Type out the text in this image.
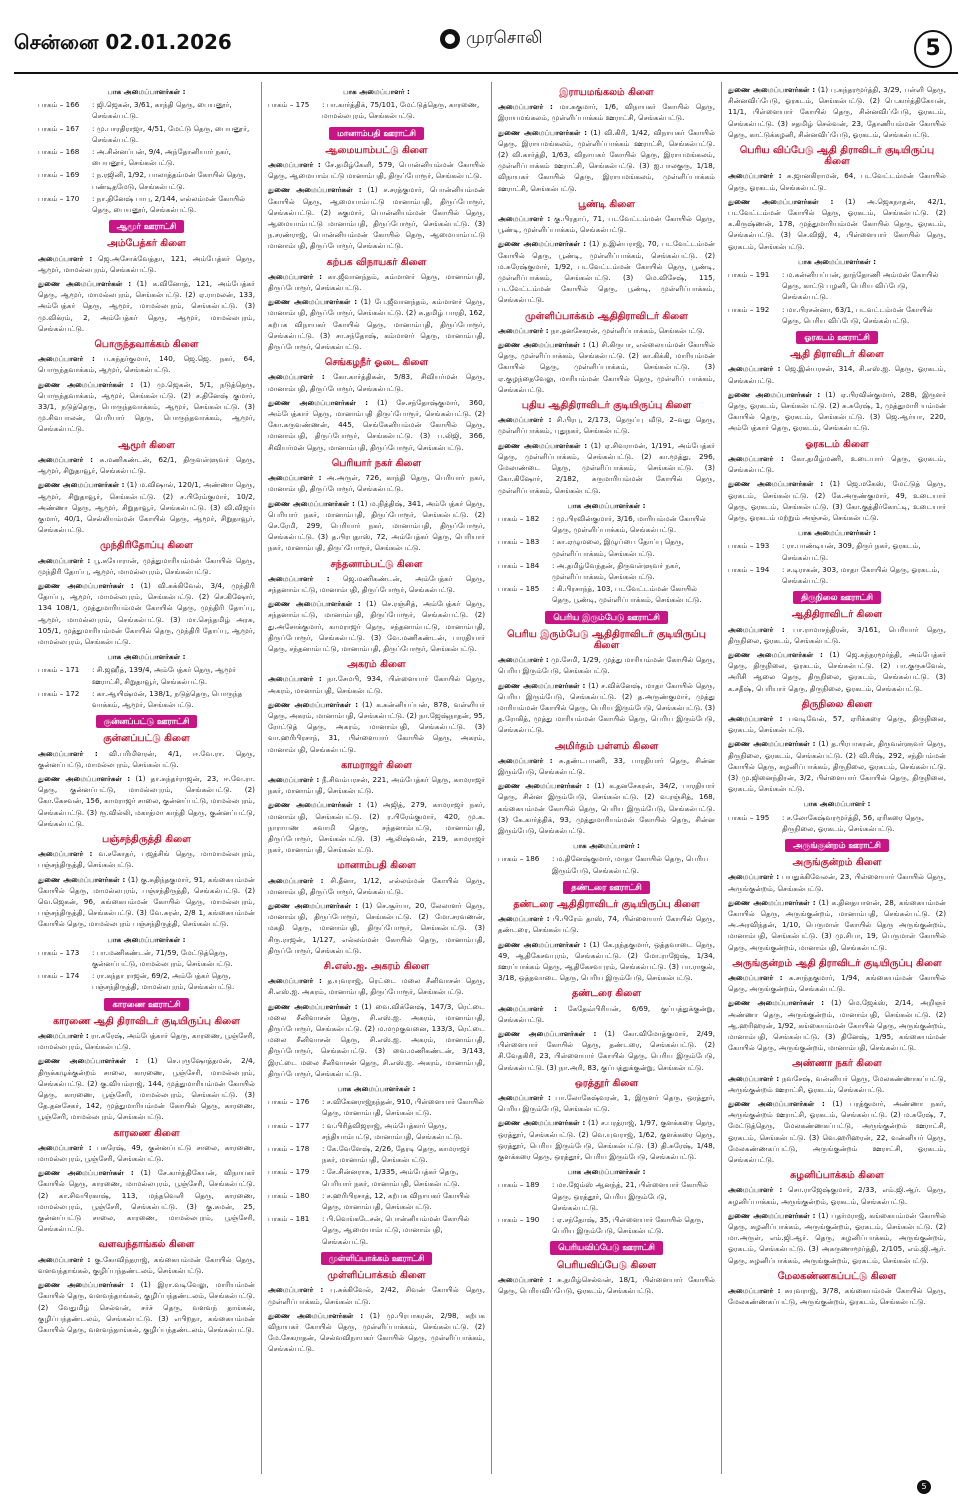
சென்னை 02.01.2026	முரசொலி	5
பாக அமைப்பாளர்கள் :
பாகம் – 166	: ஜி.ஜெகன், 3/61, காந்தி தெரு, பையனூர், செங்கல்பட்டு.
பாகம் – 167	: மு.பாரதிராஜா, 4/51, மேட்டு தெரு, பையனூர், செங்கல்பட்டு.
பாகம் – 168	: அ.சின்னப்பன், 9/4, அந்தோனியார் நகர், பையனூர், செங்கல்பட்டு.
பாகம் – 169	: ந.ரஜினி, 1/92, பாலாத்தம்மன் கோயில் தெரு, பண்டிதமேடு, செங்கல்பட்டு.
பாகம் – 170	: நா.தினேஷ் பாபு, 2/144, எல்லம்மன் கோயில் தெரு, பையனூர், செங்கல்பட்டு.
ஆமூர் ஊராட்சி
அம்பேத்கர் கிளை
அமைப்பாளர் : ஜெ.அசோக்வேத்தா, 121, அம்பேத்கர் தெரு, ஆமூர், மாமல்லபுரம், செங்கல்பட்டு.
துணை அமைப்பாளர்கள் : (1) க.வினோத், 121, அம்பேத்கர் தெரு, ஆமூர், மாமல்லபுரம், செங்கல்பட்டு. (2) ஏ.ராமலன், 133, அம்பேத்கர் தெரு, ஆமூர், மாமல்லபுரம், செங்கல்பட்டு. (3) மு.விக்ரம், 2, அம்பேத்கர் தெரு, ஆமூர், மாமல்லபுரம், செங்கல்பட்டு.
பொருந்தவாக்கம் கிளை
அமைப்பாளர் : ப.சுந்தர்குமார், 140, ஜெ.ஜெ. நகர், 64, பொருந்தவாக்கம், ஆமூர், செங்கல்பட்டு.
துணை அமைப்பாளர்கள் : (1) மு.ஜெகன், 5/1, நடுத்தெரு, பொருந்தவாக்கம், ஆமூர், செங்கல்பட்டு. (2) ச.தினேஷ் குமார், 33/1, நடுத்தெரு, பொருந்தவாக்கம், ஆமூர், செங்கல்பட்டு. (3) மு.சிவபாலன், பெரியார் தெரு, பொருந்தவாக்கம், ஆமூர், செங்கல்பட்டு.
ஆமூர் கிளை
அமைப்பாளர் : சு.மணிகண்டன், 62/1, திருவள்ளுவர் தெரு, ஆமூர், சிறுதாவூர், செங்கல்பட்டு.
துணை அமைப்பாளர்கள் : (1) ம.விஷால், 120/1, அண்ணா தெரு, ஆமூர், சிறுதாவூர், செங்கல்பட்டு. (2) ச.பிரேம்குமார், 10/2, அண்ணா தெரு, ஆமூர், சிறுதாவூர், செங்கல்பட்டு. (3) வி.விஜய் குமார், 40/1, செல்லியம்மன் கோயில் தெரு, ஆமூர், சிறுதாவூர், செங்கல்பட்டு.
முந்திரிதோப்பு கிளை
அமைப்பாளர் : பூ.சுயோரான், முத்துமாரியம்மன் கோயில் தெரு, முந்திரி தோப்பு, ஆமூர், மாமல்லபுரம், செங்கல்பட்டு.
துணை அமைப்பாளர்கள் : (1) வி.சுக்கிவேல், 3/4, முந்திரி தோப்பு, ஆமூர், மாமல்லபுரம், செங்கல்பட்டு. (2) செ.கிஷோர், 134 108/1, முத்துமாரியம்மன் கோயில் தெரு, முந்திரி தோப்பு, ஆமூர், மாமல்லபுரம், செங்கல்பட்டு. (3) மா.செந்தமிழ் அரசு, 105/1, முத்துமாரியம்மன் கோயில் தெரு, முந்திரி தோப்பு, ஆமூர், மாமல்லபுரம், செங்கல்பட்டு.
பாக அமைப்பாளர்கள் :
பாகம் – 171	: சி.ஜஹீத், 139/4, அம்பேத்கர் தெரு, ஆமூர் ஊராட்சி, சிறுதாவூர், செங்கல்பட்டு.
பாகம் – 172	: கா.ஆயிஷ்மன், 138/1, நடுத்தெரு, பொருந்த வாக்கம், ஆமூர், செங்கல்பட்டு.
குன்னப்பட்டு ஊராட்சி
குன்னப்பட்டு கிளை
அமைப்பாளர் : வி.பரிமிளரன், 4/1, ஈ.வே.ரா. தெரு, குன்னப்பட்டு, மாமல்லபுரம், செங்கல்பட்டு.
துணை அமைப்பாளர்கள் : (1) தா.சுந்தர்ராஜன், 23, ஈ.வே.ரா. தெரு, குன்னப்பட்டு, மாமல்லபுரம், செங்கல்பட்டு. (2) கோ.கேசவன், 156, காமராஜர் சாலை, குன்னப்பட்டு, மாமல்லபுரம், செங்கல்பட்டு. (3) ரூ.வில்லி, மகாத்மா காந்தி தெரு, குன்னப்பட்டு, செங்கல்பட்டு.
பஞ்சந்திருத்தி கிளை
அமைப்பாளர் : வ.சகோதர், பஜத்சிங் தெரு, மாமாமல்லபுரம், பஞ்சந்திருத்தி, செங்கல்பட்டு.
துணை அமைப்பாளர்கள் : (1) கு.சுதிந்தகுமார், 91, கங்கையம்மன் கோயில் தெரு, மாமல்லபுரம், பஞ்சந்திருத்தி, செங்கல்பட்டு. (2) வெ.ஜெகன், 96, கங்கையம்மன் கோயில் தெரு, மாமல்லபுரம், பஞ்சந்திருத்தி, செங்கல்பட்டு. (3) வே.சுரன், 2/8 1, கங்கையம்மன் கோயில் தெரு, மாமல்லபுரம் பஞ்சந்திருத்தி, செங்கல்பட்டு.
பாக அமைப்பாளர்கள் :
பாகம் – 173	: பா.மணிகண்டன், 71/59, மேட்டுத்தெரு, குன்னப்பட்டு, மாமல்லபுரம், செங்கல்பட்டு.
பாகம் – 174	: ரா.கந்தா ராஜன், 69/2, அம்பேத்கர் தெரு, பஞ்சந்திருத்தி, மாமல்லபுரம், செங்கல்பட்டு.
காரணை ஊராட்சி
காரணை ஆதி திராவிடர் குடியிருப்பு கிளை
அமைப்பாளர் : ரா.சுரேஷ், அம்பேத்கார் தெரு, காரணை, பூஞ்சேரி, மாமல்லபுரம், செங்கல்பட்டு.
துணை அமைப்பாளர்கள் : (1) செ.புருஷோத்தமன், 2/4, திருக்கழுக்குன்றம் சாலை, காரணை, பூஞ்சேரி, மாமல்லபுரம், செங்கல்பட்டு. (2) கு.வியம்ராஜ், 144, முத்துமாரியம்மன் கோயில் தெரு, காரணை, பூஞ்சேரி, மாமல்லபுரம், செங்கல்பட்டு. (3) தே.தனசேகர், 142, முத்துமாரியம்மன் கோயில் தெரு, காரணை, பூஞ்சேரி, மாமல்லபுரம், செங்கல்பட்டு.
காரணை கிளை
அமைப்பாளர் : பசுரேஷ், 49, குன்னப்பட்டு சாலை, காரணை, மாமல்லபுரம், பூஞ்சேரி, செங்கல்பட்டு.
துணை அமைப்பாளர்கள் : (1) சே.கார்த்திகேயன், விநாயகர் கோயில் தெரு, காரணை, மாமல்லபுரம், பூஞ்சேரி, செங்கல்பட்டு. (2) கா.சிவபிரகாஷ், 113, மந்தவெளி தெரு, காரணை, மாமல்லபுரம், பூஞ்சேரி, செங்கல்பட்டு. (3) கு.சுமன், 25, குன்னப்பட்டு சாலை, காரணை, மாமல்லபுரம், பூஞ்சேரி, செங்கல்பட்டு.
வளவந்தாங்கல் கிளை
அமைப்பாளர் : கு.கோவிந்தராஜ், கங்கையம்மன் கோயில் தெரு, வளவந்தாங்கல், குழிப்பந்தண்டலம், செங்கல்பட்டு.
துணை அமைப்பாளர்கள் : (1) இரா.வடிவேலு, மாரியம்மன் கோயில் தெரு, வளவந்தாங்கல், குழிப்பந்தண்டலம், செங்கல்பட்டு. (2) வேதுமிழ் செல்வன், சர்ச் தெரு, வளவந் தாங்கல், குழிப்பந்தண்டலம், செங்கல்பட்டு. (3) எபிறதா, கங்கையம்மன் கோயில் தெரு, வளவந்தாங்கல், குழிப்பந்தண்டலம், செங்கல்பட்டு.
பாக அமைப்பாளர் :
பாகம் – 175	: பா.கார்த்திக், 75/101, மேட்டுத்தெரு, காரணை, மாமல்லபுரம், செங்கல்பட்டு.
மானாம்பதி ஊராட்சி
ஆமையாம்பட்டு கிளை
அமைப்பாளர் : சே.தமிழ்கேளி, 579, பொன்னியம்மன் கோயில் தெரு, ஆமையாம்பட்டு மானாம்பதி, திருப்போரூர், செங்கல்பட்டு.
துணை அமைப்பாளர்கள் : (1) ச.சரத்குமார், பொன்னியம்மன் கோயில் தெரு, ஆமையாம்பட்டு மானாம்பதி, திருப்போரூர், செங்கல்பட்டு. (2) சுகுமார், பொன்னியம்மன் கோயில் தெரு, ஆமையாம்பட்டு மானாம்பதி, திருப்போரூர், செங்கல்பட்டு. (3) ந.சரண்ராஜ், பொன்னியம்மன் கோயில் தெரு, ஆமையாம்பட்டு மானாம்பதி, திருப்போரூர், செங்கல்பட்டு.
கற்பக விநாயகர் கிளை
அமைப்பாளர் : கா.ஜீவானந்தம், கம்மாளர் தெரு, மானாம்பதி, திருப்போரூர், செங்கல்பட்டு.
துணை அமைப்பாளர்கள் : (1) பே.ஜீவானந்தம், கம்மாளர் தெரு, மானாம்பதி, திருப்போரூர், செங்கல்பட்டு. (2) சு.தமிழ் பாரதி, 162, கற்பக விநாயகர் கோயில் தெரு, மானாம்பதி, திருப்போரூர், செங்கல்பட்டு. (3) சா.சந்தோஷ், கம்மாளர் தெரு, மானாம்பதி, திருப்போரூர், செங்கல்பட்டு.
செங்கழநீர் ஓடை கிளை
அமைப்பாளர் : கோ.கார்த்திகன், 5/83, சிவியர்மன் தெரு, மானாம்பதி, திருப்போரூர், செங்கல்பட்டு.
துணை அமைப்பாளர்கள் : (1) சே.சந்தோஷ்குமார், 360, அம்பேத்கார் தெரு, மானாம்பதி திருப்போரூர், செங்கல்பட்டு. (2) கோ.கருவண்ணன், 445, செங்கேனியம்மன் கோயில் தெரு, மானாம்பதி, திருப்போரூர், செங்கல்பட்டு. (3) ப.லிஜி, 366, சிவியர்மன் தெரு, மானாம்பதி, திருப்போரூர், செங்கல்பட்டு.
பெரியார் நகர் கிளை
அமைப்பாளர் : அ.அருள், 726, காந்தி தெரு, பெரியார் நகர், மானாம்பதி, திருப்போரூர், செங்கல்பட்டு.
துணை அமைப்பாளர்கள் : (1) ம.நித்திஷ், 341, அம்பேத்கர் தெரு, பெரியார் நகர், மானாம்பதி, திருப்போரூர், செங்கல்பட்டு. (2) செ.ரேமி, 299, பெரியார் நகர், மானாம்பதி, திருப்போரூர், செங்கல்பட்டு. (3) த.பிரபுதாஸ், 72, அம்பேத்கர் தெரு, பெரியார் நகர், மானாம்பதி, திருப்போரூர், செங்கல்பட்டு.
சந்தனாம்பட்டு கிளை
அமைப்பாளர் : ஜெ.மணிகண்டன், அம்பேத்கர் தெரு, சந்தனாம்பட்டு, மானாம்பதி, திருப்போரூர், செங்கல்பட்டு.
துணை அமைப்பாளர்கள் : (1) செ.ரஞ்சித், அம்பேத்கர் தெரு, சந்தனாம்பட்டு, மானாம்பதி, திருப்போரூர், செங்கல்பட்டு. (2) து.அசோக்குமார், காமராஜர் தெரு, சந்தனாம்பட்டு, மானாம்பதி, திருப்போரூர், செங்கல்பட்டு. (3) வே.மணிகண்டன், பாரதியார் தெரு, சந்தனாம்பட்டு, மானாம்பதி, திருப்போரூர், செங்கல்பட்டு.
அகரம் கிளை
அமைப்பாளர் : நா.சேமபி, 934, பிள்ளையார் கோயில் தெரு, அகரம், மானாம்பதி, செங்கல்பட்டு.
துணை அமைப்பாளர்கள் : (1) க.கன்னியப்பன், 878, வள்ளியர் தெரு, அகரம், மானாம்பதி, செங்கல்பட்டு. (2) நா.ஜேஷ்நாதன், 95, ரோட்டுத் தெரு, அகரம், மானாம்பதி, செங்கல்பட்டு. (3) வா.ஹரிபிரசாந், 31, பிள்ளையார் கோயில் தெரு, அகரம், மானாம்பதி, செங்கல்பட்டு.
காமராஜர் கிளை
அமைப்பாளர் : நீ.சிவம்பரசன், 221, அம்பேத்கர் தெரு, காமராஜர் நகர், மானாம்பதி, செங்கல்பட்டு.
துணை அமைப்பாளர்கள் : (1) அஜித், 279, காமராஜர் நகர், மானாம்பதி, செங்கல்பட்டு. (2) ர.பிரேம்குமார், 420, மு.க. நாராயண சுவாமி தெரு, சந்தனாம்பட்டு, மானாம்பதி, திருப்போரூர், செங்கல்பட்டு. (3) ஆலிஷ்வன், 219, காமராஜர் நகர், மானாம்பதி, செங்கல்பட்டு.
மானாம்பதி கிளை
அமைப்பாளர் : சி.தீனா, 1/12, எல்லம்மன் கோயில் தெரு, மானாம்பதி, திருப்போரூர், செங்கல்பட்டு.
துணை அமைப்பாளர்கள் : (1) செ.சூர்யா, 20, லேலாளர் தெரு, மானாம்பதி, திருப்போரூர், செங்கல்பட்டு. (2) மோ.சரவணன், மகதி தெரு, மானாம்பதி, திருப்போரூர், செங்கல்பட்டு. (3) சிரு.ராஜன், 1/127, எல்லம்மன் கோயில் தெரு, மானாம்பதி, திருப்போரூர், செங்கல்பட்டு.
சி.எஸ்.ஐ. அகரம் கிளை
அமைப்பாளர் : த.யுவராஜ், ரெட்டை மலை சீனிவாசன் தெரு, சி.எஸ்.ஐ. அகரம், மானாம்பதி, திருப்போரூர், செங்கல்பட்டு.
துணை அமைப்பாளர்கள் : (1) வை.விக்னேஷ், 147/3, ரெட்டை மலை சீனிவாசன் தெரு, சி.எஸ்.ஐ. அகரம், மானாம்பதி, திருப்போரூர், செங்கல்பட்டு. (2) ம.மமுகுவனை, 133/3, ரெட்டை மலை சீனிவாசன் தெரு, சி.எஸ்.ஐ. அகரம், மானாம்பதி, திருப்போரூர், செங்கல்பட்டு. (3) வை.மணிகண்டன், 3/143, இரட்டை மலை சீனிவாசன் தெரு, சி.எஸ்.ஐ. அகரம், மானாம்பதி, திருப்போரூர், செங்கல்பட்டு.
பாக அமைப்பாளர்கள் :
பாகம் – 176	: ச.விகேனராஜ்நந்தன், 910, பிள்ளையார் கோயில் தெரு, மானாம்பதி, செங்கல்பட்டு.
பாகம் – 177	: வ.பிரித்விஜராஜ், அம்பேத்கார் தெரு, சந்தியாம்பட்டு, மானாம்பதி, செங்கல்பட்டு.
பாகம் – 178	: கே.வேளேஷ், 2/26, தேரடி தெரு, காமராஜர் நகர், மானாம்பதி, செங்கல்பட்டு.
பாகம் – 179	: சே.சின்னராசு, 1/335, அம்பேத்கர் தெரு, பெரியார் நகர், மானாம்பதி, செங்கல்பட்டு.
பாகம் – 180	: ச.ஹரிபிரசாத், 12, கற்பக விநாயகர் கோயில் தெரு, மானாம்பதி, செங்கல்பட்டு.
பாகம் – 181	: பி.வெங்கடேசன், பொன்னியம்மன் கோயில் தெரு, ஆமையாம்பட்டு, மானாம்பதி, செங்கல்பட்டு.
முள்ளிப்பாக்கம் ஊராட்சி
முள்ளிப்பாக்கம் கிளை
அமைப்பாளர் : பு.சுக்கிவேல், 2/42, சிவன் கோயில் தெரு, முள்ளிப்பாக்கம், செங்கல்பட்டு.
துணை அமைப்பாளர்கள் : (1) மு.பிரபாகரன், 2/98, கற்பக விநாயகர் கோயில் தெரு, முள்ளிப்பாக்கம், செங்கல்பட்டு. (2) மே.சேகராதன், செல்வவிநாயகர் கோயில் தெரு, முள்ளிப்பாக்கம், செங்கல்பட்டு.
இராயமங்கலம் கிளை
அமைப்பாளர் : மா.சுகுமார், 1/6, விநாயகர் கோயில் தெரு, இராயமங்கலம், முள்ளிப்பாக்கம் ஊராட்சி, செங்கல்பட்டு.
துணை அமைப்பாளர்கள் : (1) வி.கிரி, 1/42, விநாயகர் கோயில் தெரு, இராயமங்கலம், முள்ளிப்பாக்கம் ஊராட்சி, செங்கல்பட்டு. (2) வி.கார்த்தி, 1/63, விநாயகர் கோயில் தெரு, இராயமங்கலம், முள்ளிப்பாக்கம் ஊராட்சி, செங்கல்பட்டு. (3) ஐ.பாலகுரு, 1/18, விநாயகர் கோயில் தெரு, இராயமங்கலம், முள்ளிப்பாக்கம் ஊராட்சி, செங்கல்பட்டு.
பூண்டி கிளை
அமைப்பாளர் : கு.பிரதாப், 71, படவேட்டம்மன் கோயில் தெரு, பூண்டி, முள்ளிப்பாக்கம், செங்கல்பட்டு.
துணை அமைப்பாளர்கள் : (1) ந.இன்பராஜ், 70, படவேட்டம்மன் கோயில் தெரு, பூண்டி, முள்ளிப்பாக்கம், செங்கல்பட்டு. (2) ம.சுரேஷ்குமார், 1/92, படவேட்டம்மன் கோயில் தெரு, பூண்டி, முள்ளிப்பாக்கம், செங்கல்பட்டு. (3) மெ.விசேஷ், 115, படவேட்டம்மன் கோயில் தெரு, பூண்டி, முள்ளிப்பாக்கம், செங்கல்பட்டு.
முள்ளிப்பாக்கம் ஆதிதிராவிடர் கிளை
அமைப்பாளர் : நா.தனசேகரன், முள்ளிப்பாக்கம், செங்கல்பட்டு.
துணை அமைப்பாளர்கள் : (1) சி.கிருபா, எல்லையம்மன் கோயில் தெரு, முள்ளிப்பாக்கம், செங்கல்பட்டு. (2) கா.கிக்கி, மாரியம்மன் கோயில் தெரு, முள்ளிப்பாக்கம், செங்கல்பட்டு. (3) ஏ.குழந்தைவேலு, மாரியம்மன் கோயில் தெரு, முள்ளிப் பாக்கம், செங்கல்பட்டு.
புதிய ஆதிதிராவிடர் குடியிருப்பு கிளை
அமைப்பாளர் : சி.பிரபு, 2/173, தெருப்பு வீடு, 2–வது தெரு, முள்ளிப்பாக்கம், புதுநகர், செங்கல்பட்டு.
துணை அமைப்பாளர்கள் : (1) ஏ.சிவராமன், 1/191, அம்பேத்கர் தெரு, முள்ளிப்பாக்கம், செங்கல்பட்டு. (2) கா.மூத்து, 296, மேலாண்டை தெரு, முள்ளிப்பாக்கம், செங்கல்பட்டு. (3) கோ.கிஷோர், 2/182, சுருமாரியம்மன் கோயில் தெரு, முள்ளிப்பாக்கம், செங்கல்பட்டு.
பாக அமைப்பாளர்கள் :
பாகம் – 182	: மு.பிரவின்குமார், 3/16, மாரியம்மன் கோயில் தெரு, முள்ளிப்பாக்கம், செங்கல்பட்டு.
பாகம் – 183	: கா.ஏழுமலை, இழுப்பை தோப்பு தெரு, முள்ளிப்பாக்கம், செங்கல்பட்டு.
பாகம் – 184	: அ.தமிழ்வேந்தன், திருவள்ளுவர் நகர், முள்ளிப்பாக்கம், செங்கல்பட்டு.
பாகம் – 185	: கி.பிரசாந்த், 103, படவேட்டம்மன் கோயில் தெரு, பூண்டி, முள்ளிப்பாக்கம், செங்கல்பட்டு.
பெரிய இரும்பேடு ஊராட்சி
பெரிய இரும்பேடு ஆதிதிராவிடர் குடியிருப்பு கிளை
அமைப்பாளர் : மு.சேமி, 1/29, முத்து மாரியம்மன் கோயில் தெரு, பெரிய இரும்பேடு, செங்கல்பட்டு.
துணை அமைப்பாளர்கள் : (1) ச.விக்னேஷ், மாதா கோயில் தெரு, பெரிய இரும்பேடு, செங்கல்பட்டு. (2) த.அருண்குமார், முத்து மாரியம்மன் கோயில் தெரு, பெரிய இரும்பேடு, செங்கல்பட்டு. (3) த.ரோகித், முத்து மாரியம்மன் கோயில் தெரு, பெரிய இரும்பேடு, செங்கல்பட்டு.
அமிர்தம் பள்ளம் கிளை
அமைப்பாளர் : சு.தண்டபாணி, 33, பாரதியார் தெரு, சின்ன இரும்பேடு, செங்கல்பட்டு.
துணை அமைப்பாளர்கள் : (1) க.தனசேகரன், 34/2, பாரதியார் தெரு, சின்ன இரும்பேடு, செங்கல்பட்டு. (2) வ.ரஞ்சித், 168, கங்கையம்மன் கோயில் தெரு, பெரிய இரும்பேடு, செங்கல்பட்டு. (3) கே.கார்த்திக், 93, முத்துமாரியம்மன் கோயில் தெரு, சின்ன இரும்பேடு, செங்கல்பட்டு.
பாக அமைப்பாளர் :
பாகம் – 186	: ம.தினேஷ்குமார், மாதா கோயில் தெரு, பெரிய இரும்பேடு, செங்கல்பட்டு.
தண்டரை ஊராட்சி
தண்டரை ஆதிதிராவிடர் குடியிருப்பு கிளை
அமைப்பாளர் : பி.பிரேம் தாஸ், 74, பிள்ளையார் கோயில் தெரு, தண்டரை, செங்கல்பட்டு.
துணை அமைப்பாளர்கள் : (1) கே.நந்தகுமார், ஒத்தவாடை தெரு, 49, ஆதிகேசவபுரம், செங்கல்பட்டு. (2) மோ.ராஜேஷ், 1/34, ஊரப்பாக்கம் தெரு, ஆதிகேசவபுரம், செங்கல்பட்டு. (3) பா.ராகுல், 3/18, ஒத்தவாடை தெரு, பெரிய இரும்பேடு, செங்கல்பட்டு.
தண்டரை கிளை
அமைப்பாளர் : கேதேவ்பிரியன், 6/69, குப்பத்துக்குன்று, செங்கல்பட்டு.
துணை அமைப்பாளர்கள் : (1) கோ.விமோத்குமார், 2/49, பிள்ளையார் கோயில் தெரு, தண்டரை, செங்கல்பட்டு. (2) சி.வேதகிரி, 23, பிள்ளையார் கோயில் தெரு, பெரிய இரும்பேடு, செங்கல்பட்டு. (3) நா.அரி, 83, குப்பத்துக்குன்று, செங்கல்பட்டு.
ஒரத்தூர் கிளை
அமைப்பாளர் : பா.லோகேஷ்வரன், 1, இருளர் தெரு, ஒரத்தூர், பெரிய இரும்பேடு, செங்கல்பட்டு.
துணை அமைப்பாளர்கள் : (1) ச.பரத்ராஜ், 1/97, குளக்கரை தெரு, ஒரத்தூர், செங்கல்பட்டு. (2) வெ.யுவராஜ், 1/62, குளக்கரை தெரு, ஒரத்தூர், பெரிய இரும்பேடு, செங்கல்பட்டு. (3) தி.சுரேஷ், 1/48, குளக்கரை தெரு, ஒரத்தூர், பெரிய இரும்பேடு, செங்கல்பட்டு.
பாக அமைப்பாளர்கள் :
பாகம் – 189	: மா.ஜேம்ஸ் ஆனந்த், 21, பிள்ளையார் கோயில் தெரு, ஒரத்தூர், பெரிய இரும்பேடு, செங்கல்பட்டு.
பாகம் – 190	: ஏ.சந்தோஷ், 35, பிள்ளையார் கோயில் தெரு, பெரிய இரும்பேடு, செங்கல்பட்டு.
பெரியவிப்பேடு ஊராட்சி
பெரியவிப்பேடு கிளை
அமைப்பாளர் : சு.தமிழ்செல்வன், 18/1, பிள்ளையார் கோயில் தெரு, பெரியவிப்பேடு, ஓரகடம், செங்கல்பட்டு.
துணை அமைப்பாளர்கள் : (1) பு.சுந்தரமூர்த்தி, 3/29, பள்ளி தெரு, சின்னவிப்பேடு, ஓரகடம், செங்கல்பட்டு. (2) பெ.கார்த்திகேயன், 11/1, பிள்ளையார் கோயில் தெரு, சின்னவிப்பேடு, ஓரகடம், செங்கல்பட்டு. (3) சதமிழ் செல்வன், 23, தோணியம்மன் கோயில் தெரு, காட்டுக்கழனி, சின்னவிப்பேடு, ஓரகடம், செங்கல்பட்டு.
பெரிய விப்பேடு ஆதி திராவிடர் குடியிருப்பு கிளை
அமைப்பாளர் : சு.ஜானகிராமன், 64, படவேட்டம்மன் கோயில் தெரு, ஓரகடம், செங்கல்பட்டு.
துணை அமைப்பாளர்கள் : (1) அ.ஜெகநாதன், 42/1, படவேட்டம்மன் கோயில் தெரு, ஓரகடம், செங்கல்பட்டு. (2) க.கிருஷ்ணன், 178, முத்துமாரியம்மன் கோயில் தெரு, ஓரகடம், செங்கல்பட்டு. (3) செ.விஜி, 4, பிள்ளையார் கோயில் தெரு, ஓரகடம், செங்கல்பட்டு.
பாக அமைப்பாளர்கள் :
பாகம் – 191	: ம.கன்னியப்பன், தாந்தோணி அம்மன் கோயில் தெரு, காட்டு பழனி, பெரிய விப்பேடு, செங்கல்பட்டு.
பாகம் – 192	: மா.பிரசன்னா, 63/1, படவட்டம்மன் கோயில் தெரு, பெரிய விப்பேடு, செங்கல்பட்டு.
ஓரகடம் ஊராட்சி
ஆதி திராவிடர் கிளை
அமைப்பாளர் : ஜெ.இன்பரசன், 314, சி.எஸ்.ஐ. தெரு, ஓரகடம், செங்கல்பட்டு.
துணை அமைப்பாளர்கள் : (1) ஏ.பிரவின்குமார், 288, இருளர் தெரு, ஓரகடம், செங்கல்பட்டு. (2) சு.சுரேஷ், 1, முத்துமாரி யம்மன் கோயில் தெரு, ஓரகடம், செங்கல்பட்டு. (3) ஜெ.ஆர்யா, 220, அம்பேத்கார் தெரு, ஓரகடம், செங்கல்பட்டு.
ஓரகடம் கிளை
அமைப்பாளர் : கோ.தமிழ்மணி, உடையார் தெரு, ஓரகடம், செங்கல்பட்டு.
துணை அமைப்பாளர்கள் : (1) ஜெ.மகேஸ், மேட்டுத் தெரு, ஓரகடம், செங்கல்பட்டு. (2) கே.அருண்குமார், 49, உடையார் தெரு, ஓரகடம், செங்கல்பட்டு. (3) கோ.குத்திர்கோட்டி, உடையார் தெரு, ஓரகடம் மற்றும் அஞ்சல், செங்கல்பட்டு.
பாக அமைப்பாளர்கள் :
பாகம் – 193	: ரா.பாண்டியன், 309, திருர் நகர், ஓரகடம், செங்கல்பட்டு.
பாகம் – 194	: ச.டிராகன், 303, மாதா கோயில் தெரு, ஓரகடம், செங்கல்பட்டு.
திருநிலை ஊராட்சி
ஆதிதிராவிடர் கிளை
அமைப்பாளர் : பா.ராமாசந்திரன், 3/161, பெரியார் தெரு, திருநிலை, ஓரகடம், செங்கல்பட்டு.
துணை அமைப்பாளர்கள் : (1) ஜெ.சுந்தரமூர்த்தி, அம்பேத்கர் தெரு, திருநிலை, ஓரகடம், செங்கல்பட்டு. (2) பா.குருசுவேல், அரிசி ஆலை தெரு, திருநிலை, ஓரகடம், செங்கல்பட்டு. (3) க.சதீஷ், பெரியார் தெரு, திருநிலை, ஓரகடம், செங்கல்பட்டு.
திருநிலை கிளை
அமைப்பாளர் : பவடிவேல், 57, ஏரிக்கரை தெரு, திருநிலை, ஓரகடம், செங்கல்பட்டு.
துணை அமைப்பாளர்கள் : (1) த.பிரபாகரன், திருவள்ளுவர் தெரு, திருநிலை, ஓரகடம், செங்கல்பட்டு. (2) வி.ரிஷ், 292, சந்திபம்மன் கோயில் தெரு, சுழனிப்பாக்கம், திருநிலை, ஓரகடம், செங்கல்பட்டு. (3) மு.ஜினைந்திரன், 3/2, பிள்ளையார் கோயில் தெரு, திருநிலை, ஓரகடம், செங்கல்பட்டு.
பாக அமைப்பாளர் :
பாகம் – 195	: ச.லோகேஷ்வரமூர்த்தி, 56, ஏரிகரை தெரு, திருநிலை, ஓரகடம், செங்கல்பட்டு.
அருங்குன்றம் ஊராட்சி
அருங்குன்றம் கிளை
அமைப்பாளர் : பயதுக்கிவேலன், 23, பிள்ளையார் கோயில் தெரு, அருங்குன்றம், செங்கல்பட்டு.
துணை அமைப்பாளர்கள் : (1) க.தினதயாளன், 28, கங்கையம்மன் கோயில் தெரு, அருங்குன்றம், மானாம்பதி, செங்கல்பட்டு. (2) அ.அரவிந்தன், 1/10, பெருமாள் கோயில் தெரு அருங்குன்றம், மானாம்பதி, செங்கல்பட்டு. (3) மு.சிபா, 19, பெருமாள் கோயில் தெரு, அருங்குன்றம், மானாம்பதி, செங்கல்பட்டு.
அருங்குன்றம் ஆதி திராவிடர் குடியிருப்பு கிளை
அமைப்பாளர் : சு.சாந்தகுமார், 1/94, கங்கையம்மன் கோயில் தெரு, அருங்குன்றம், செங்கல்பட்டு.
துணை அமைப்பாளர்கள் : (1) மெ.ஜேக்ஸ், 2/14, அறிஞர் அண்ணா தெரு, அருங்குன்றம், மானாம்பதி, செங்கல்பட்டு. (2) ஆ.ஹரிஹரன், 1/92, கங்கையம்மன் கோயில் தெரு, அருங்குன்றம், மானாம்பதி, செங்கல்பட்டு. (3) தினேஷ், 1/95, கங்கையம்மன் கோயில் தெரு, அருங்குன்றம், மானாம்பதி, செங்கல்பட்டு.
அண்ணா நகர் கிளை
அமைப்பாளர் : நவசேஷ், வன்னியர் தெரு, மேலகண்ணாகப்பட்டு, அருங்குன்றம் ஊராட்சி, ஓரகடம், செங்கல்பட்டு.
துணை அமைப்பாளர்கள் : (1) பரத்குமார், அண்ணா நகர், அருங்குன்றம் ஊராட்சி, ஓரகடம், செங்கல்பட்டு. (2) ம.சுரேஷ், 7, மேட்டுத்தெரு, மேலகண்ணகப்பட்டு, அருங்குன்றம் ஊராட்சி, ஓரகடம், செங்கல்பட்டு. (3) வெ.ஹரிஹரன், 22, வன்னியர் தெரு, மேலகண்ணகப்பட்டு, அருங்குன்றம் ஊராட்சி, ஓரகடம், செங்கல்பட்டு.
சுழனிப்பாக்கம் கிளை
அமைப்பாளர் : சொ.ராஜேஷ்குமார், 2/33, எம்.ஜி.ஆர். தெரு, சுழனிப்பாக்கம், அருங்குன்றம், ஓரகடம், செங்கல்பட்டு.
துணை அமைப்பாளர்கள் : (1) பதர்மராஜ், கங்கையம்மன் கோயில் தெரு, சுழனிப்பாக்கம், அருங்குன்றம், ஓரகடம், செங்கல்பட்டு. (2) மா.அருள், எம்.ஜி.ஆர். தெரு, சுழனிப்பாக்கம், அருங்குன்றம், ஓரகடம், செங்கல்பட்டு. (3) அகருணாமூர்த்தி, 2/105, எம்.ஜி.ஆர். தெரு, சுழனிப்பாக்கம், அருங்குன்றம், ஓரகடம், செங்கல்பட்டு.
மேலகண்ணகப்பட்டு கிளை
அமைப்பாளர் : சுயுவராஜ், 3/78, கங்கையம்மன் கோயில் தெரு, மேலகண்ணகப்பட்டு, அருங்குன்றம், ஓரகடம், செங்கல்பட்டு.
5
